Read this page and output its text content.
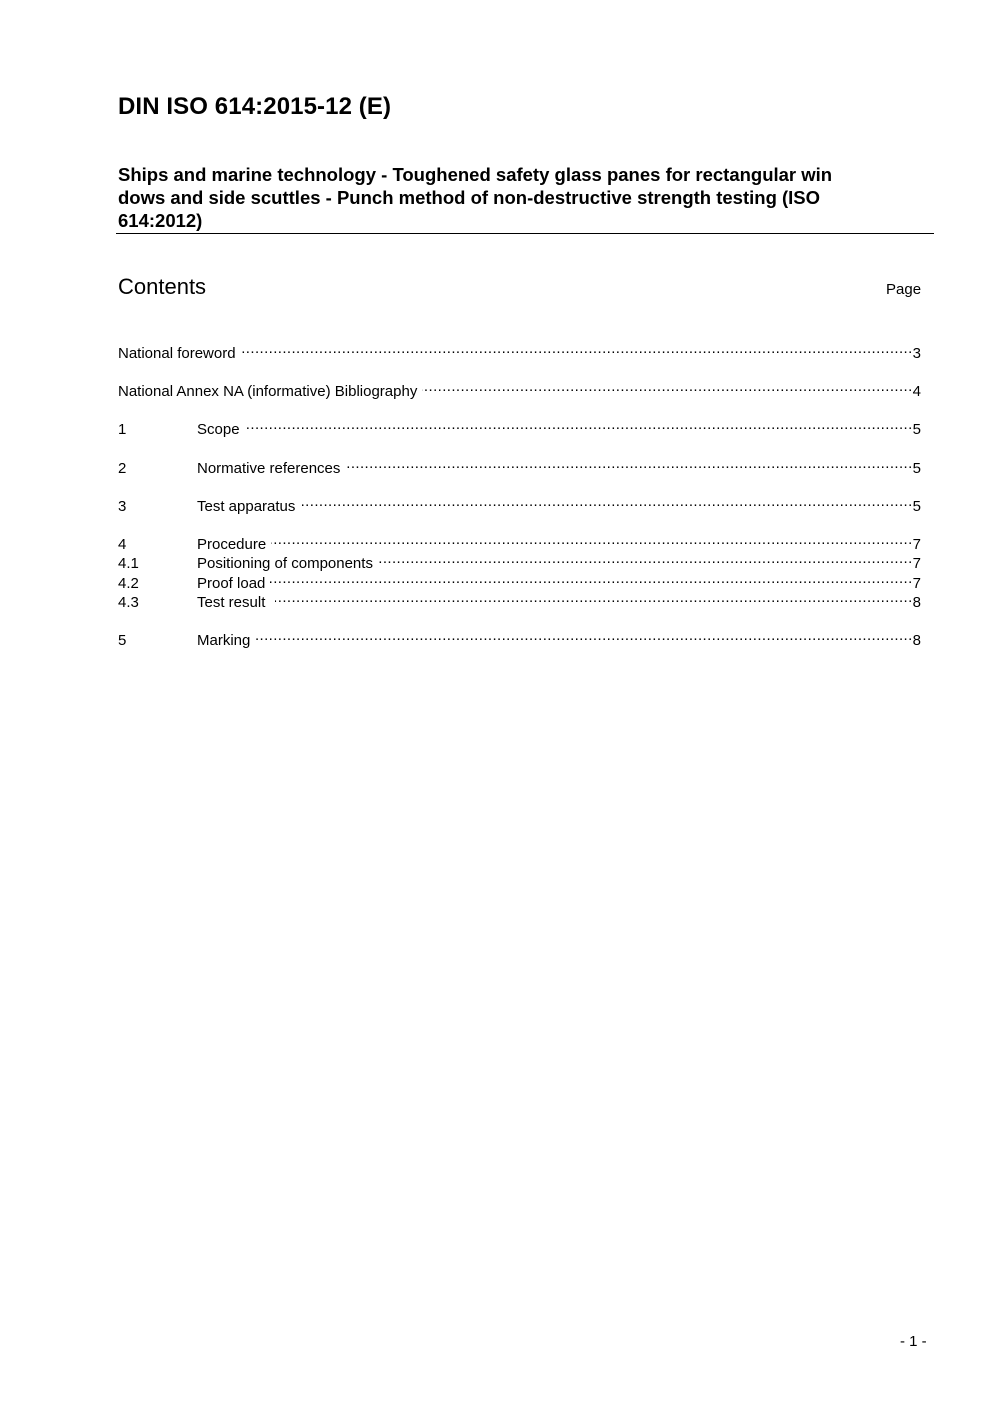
DIN ISO 614:2015-12 (E)
Ships and marine technology - Toughened safety glass panes for rectangular win
dows and side scuttles - Punch method of non-destructive strength testing (ISO
614:2012)
Contents	Page
National foreword .....	3
National Annex NA (informative) Bibliography .....	4
1	Scope .....	5
2	Normative references .....	5
3	Test apparatus .....	5
4	Procedure .....	7
4.1	Positioning of components .....	7
4.2	Proof load .....	7
4.3	Test result .....	8
5	Marking .....	8
- 1 -
